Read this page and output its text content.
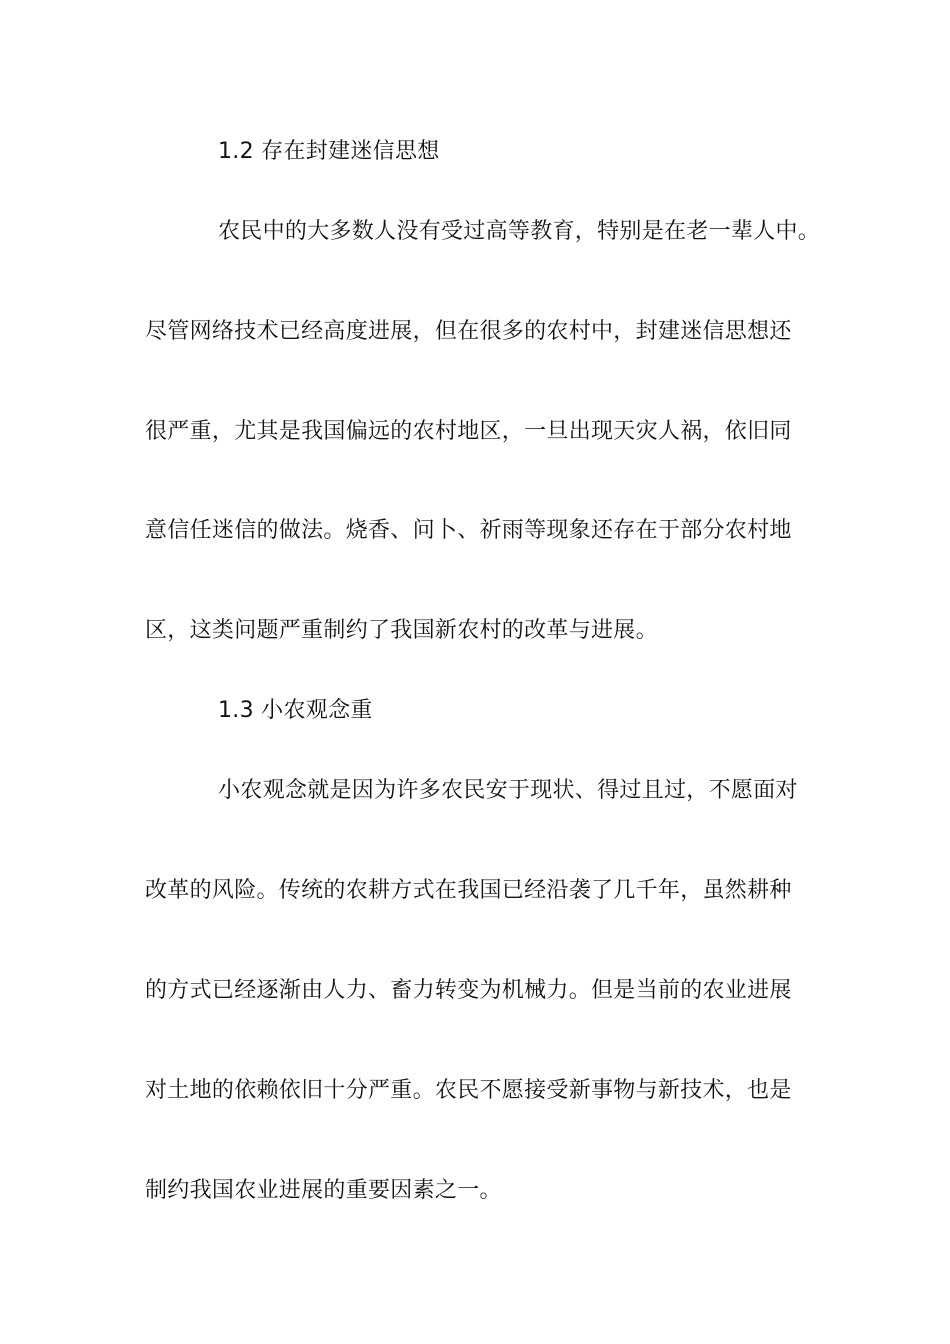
1.2 存在封建迷信思想

农民中的大多数人没有受过高等教育，特别是在老一辈人中。

尽管网络技术已经高度进展，但在很多的农村中，封建迷信思想还

很严重，尤其是我国偏远的农村地区，一旦出现天灾人祸，依旧同

意信任迷信的做法。烧香、问卜、祈雨等现象还存在于部分农村地

区，这类问题严重制约了我国新农村的改革与进展。

1.3 小农观念重

小农观念就是因为许多农民安于现状、得过且过，不愿面对

改革的风险。传统的农耕方式在我国已经沿袭了几千年，虽然耕种

的方式已经逐渐由人力、畜力转变为机械力。但是当前的农业进展

对土地的依赖依旧十分严重。农民不愿接受新事物与新技术，也是

制约我国农业进展的重要因素之一。
